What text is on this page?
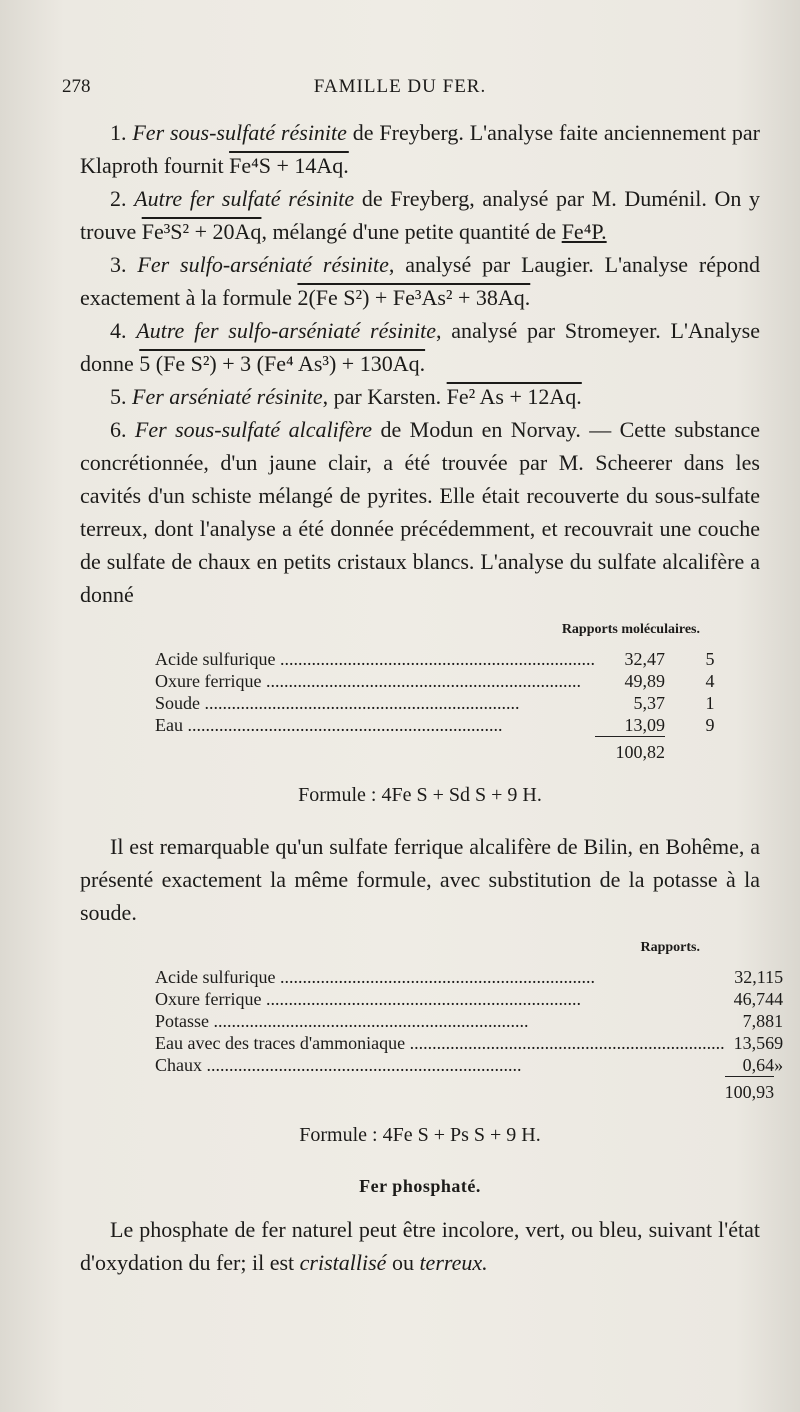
278	FAMILLE DU FER.

1. Fer sous-sulfaté résinite de Freyberg. L'analyse faite anciennement par Klaproth fournit Fe⁴S + 14Aq.

2. Autre fer sulfaté résinite de Freyberg, analysé par M. Duménil. On y trouve Fe³S² + 20Aq, mélangé d'une petite quantité de Fe⁴P.

3. Fer sulfo-arséniaté résinite, analysé par Laugier. L'analyse répond exactement à la formule 2(Fe S²) + Fe³As² + 38Aq.

4. Autre fer sulfo-arséniaté résinite, analysé par Stromeyer. L'Analyse donne 5 (Fe S²) + 3 (Fe⁴ As³) + 130Aq.

5. Fer arséniaté résinite, par Karsten. Fe² As + 12Aq.

6. Fer sous-sulfaté alcalifère de Modun en Norvay. — Cette substance concrétionnée, d'un jaune clair, a été trouvée par M. Scheerer dans les cavités d'un schiste mélangé de pyrites. Elle était recouverte du sous-sulfate terreux, dont l'analyse a été donnée précédemment, et recouvrait une couche de sulfate de chaux en petits cristaux blancs. L'analyse du sulfate alcalifère a donné

Rapports moléculaires.
Acide sulfurique .....	32,47	5
Oxure ferrique .....	49,89	4
Soude .....	5,37	1
Eau .....	13,09	9
	100,82	
Formule : 4Fe S + Sd S + 9 H.

Il est remarquable qu'un sulfate ferrique alcalifère de Bilin, en Bohême, a présenté exactement la même formule, avec substitution de la potasse à la soude.

Rapports.
Acide sulfurique .....	32,11	5
Oxure ferrique .....	46,74	4
Potasse .....	7,88	1
Eau avec des traces d'ammoniaque .....	13,56	9
Chaux .....	0,64	»
	100,93	
Formule : 4Fe S + Ps S + 9 H.
Fer phosphaté.

Le phosphate de fer naturel peut être incolore, vert, ou bleu, suivant l'état d'oxydation du fer; il est cristallisé ou terreux.
